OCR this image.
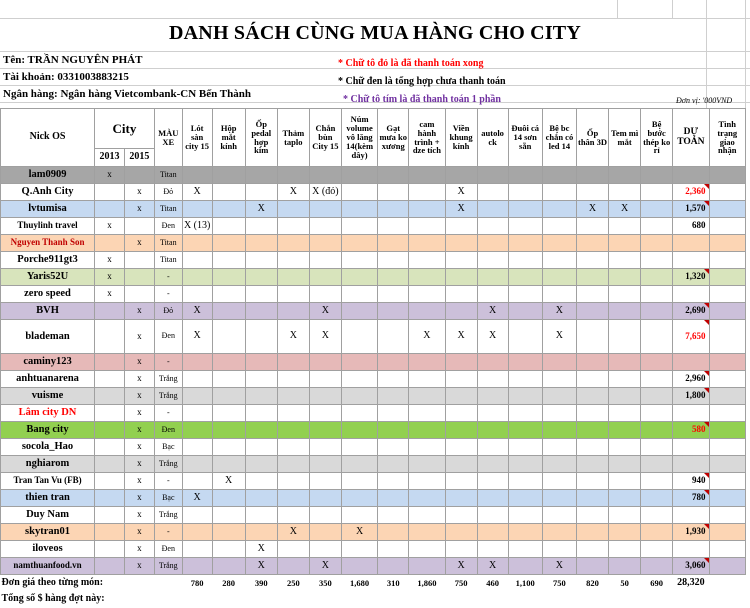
DANH SÁCH CÙNG MUA HÀNG CHO CITY
Tên: TRẦN NGUYÊN PHÁT
Tài khoản: 0331003883215
Ngân hàng: Ngân hàng Vietcombank-CN Bến Thành
* Chữ tô đỏ là đã thanh toán xong
* Chữ đen là tổng hợp chưa thanh toán
* Chữ tô tím là đã thanh toán 1 phần	Đơn vị: '000VND
Nick OS	City		MÀU XE	Lót sàn city 15	Hộp mắt kính	Ốp pedal hợp kim	Thảm taplo	Chắn bùn City 15	Núm volume vô lăng 14(kèm dây)	Gạt mưa ko xương	cam hành trình + dze tích	Viền khung kính	autolo ck	Đuôi cá 14 sơn sẵn	Bệ bc chắn có led 14	Ốp thân 3D	Tem mì mắt	Bệ bước thép ko rỉ	DỰ TOÁN	Tình trạng giao nhận
	2013	2015																		
lam0909	x		Titan																	
Q.Anh City		x	Đỏ	X			X	X (đỏ)				X							2,360

lvtumisa		x	Titan			X						X				X	X		1,570

Thuylinh travel	x		Đen	X (13)															680	
Nguyen Thanh Son		x	Titan																	
Porche911gt3	x		Titan																	
Yaris52U	x		-																1,320

zero speed	x		-																	
BVH		x	Đỏ	X				X					X		X				2,690

blademan		x	Đen	X			X	X			X	X	X		X				7,650

caminy123		x	-																	
anhtuanarena		x	Trắng																2,960

vuisme		x	Trắng																1,800

Lâm city DN		x	-																	
Bang city		x	Đen																580

socola_Hao		x	Bạc																	
nghiarom		x	Trắng																	
Tran Tan Vu (FB)		x	-		X														940

thien tran		x	Bạc	X															780

Duy Nam		x	Trắng																	
skytran01		x	-				X		X										1,930

iloveos		x	Đen			X														
namthuanfood.vn		x	Trắng			X		X				X	X		X				3,060

Đơn giá theo từng món:				780	280	390	250	350	1,680	310	1,860	750	460	1,100	750	820	50	690	28,320	
Tổng số $ hàng đợt này:																				
